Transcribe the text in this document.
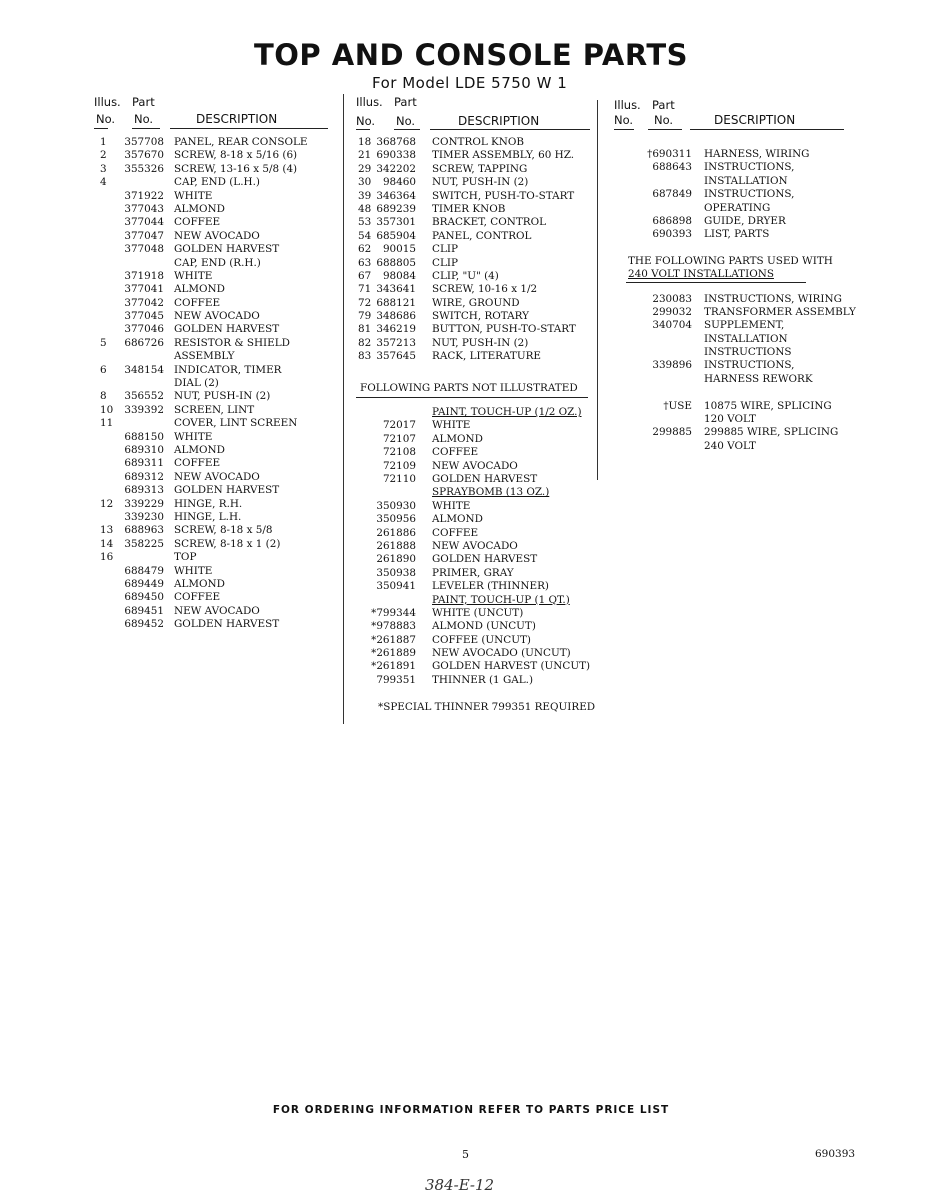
TOP AND CONSOLE PARTS
For Model LDE 5750 W 1
Illus. Part
No. No.	DESCRIPTION
1	357708 PANEL, REAR CONSOLE
2	357670 SCREW, 8-18 x 5/16 (6)
3	355326 SCREW, 13-16 x 5/8 (4)
4	CAP, END (L.H.)
371922 WHITE
377043 ALMOND
377044 COFFEE
377047 NEW AVOCADO
377048 GOLDEN HARVEST
CAP, END (R.H.)
371918 WHITE
377041 ALMOND
377042 COFFEE
377045 NEW AVOCADO
377046 GOLDEN HARVEST
5	686726 RESISTOR & SHIELD
ASSEMBLY
6	348154 INDICATOR, TIMER
DIAL (2)
8	356552 NUT, PUSH-IN (2)
10	339392 SCREEN, LINT
11	COVER, LINT SCREEN
688150 WHITE
689310 ALMOND
689311 COFFEE
689312 NEW AVOCADO
689313 GOLDEN HARVEST
12	339229 HINGE, R.H.
339230 HINGE, L.H.
13	688963 SCREW, 8-18 x 5/8
14	358225 SCREW, 8-18 x 1 (2)
16	TOP
688479 WHITE
689449 ALMOND
689450 COFFEE
689451 NEW AVOCADO
689452 GOLDEN HARVEST
Illus. Part
No. No.	DESCRIPTION
18 368768 CONTROL KNOB
21 690338 TIMER ASSEMBLY, 60 HZ.
29 342202 SCREW, TAPPING
30	98460 NUT, PUSH-IN (2)
39 346364 SWITCH, PUSH-TO-START
48 689239 TIMER KNOB
53 357301 BRACKET, CONTROL
54 685904 PANEL, CONTROL
62	90015 CLIP
63 688805 CLIP
67	98084 CLIP, "U" (4)
71 343641 SCREW, 10-16 x 1/2
72 688121 WIRE, GROUND
79 348686 SWITCH, ROTARY
81 346219 BUTTON, PUSH-TO-START
82 357213 NUT, PUSH-IN (2)
83 357645 RACK, LITERATURE
FOLLOWING PARTS NOT ILLUSTRATED
PAINT, TOUCH-UP (1/2 OZ.)
72017 WHITE
72107 ALMOND
72108 COFFEE
72109 NEW AVOCADO
72110 GOLDEN HARVEST
SPRAYBOMB (13 OZ.)
350930 WHITE
350956 ALMOND
261886 COFFEE
261888 NEW AVOCADO
261890 GOLDEN HARVEST
350938 PRIMER, GRAY
350941 LEVELER (THINNER)
PAINT, TOUCH-UP (1 QT.)
*799344 WHITE (UNCUT)
*978883 ALMOND (UNCUT)
*261887 COFFEE (UNCUT)
*261889 NEW AVOCADO (UNCUT)
*261891 GOLDEN HARVEST (UNCUT)
799351 THINNER (1 GAL.)
*SPECIAL THINNER 799351 REQUIRED
Illus. Part
No. No.	DESCRIPTION
†690311 HARNESS, WIRING
688643 INSTRUCTIONS,
INSTALLATION
687849 INSTRUCTIONS,
OPERATING
686898 GUIDE, DRYER
690393 LIST, PARTS
THE FOLLOWING PARTS USED WITH
240 VOLT INSTALLATIONS
230083 INSTRUCTIONS, WIRING
299032 TRANSFORMER ASSEMBLY
340704 SUPPLEMENT,
INSTALLATION
INSTRUCTIONS
339896 INSTRUCTIONS,
HARNESS REWORK
†USE 10875 WIRE, SPLICING
120 VOLT
299885 299885 WIRE, SPLICING
240 VOLT
FOR ORDERING INFORMATION REFER TO PARTS PRICE LIST
5	690393
384-E-12
